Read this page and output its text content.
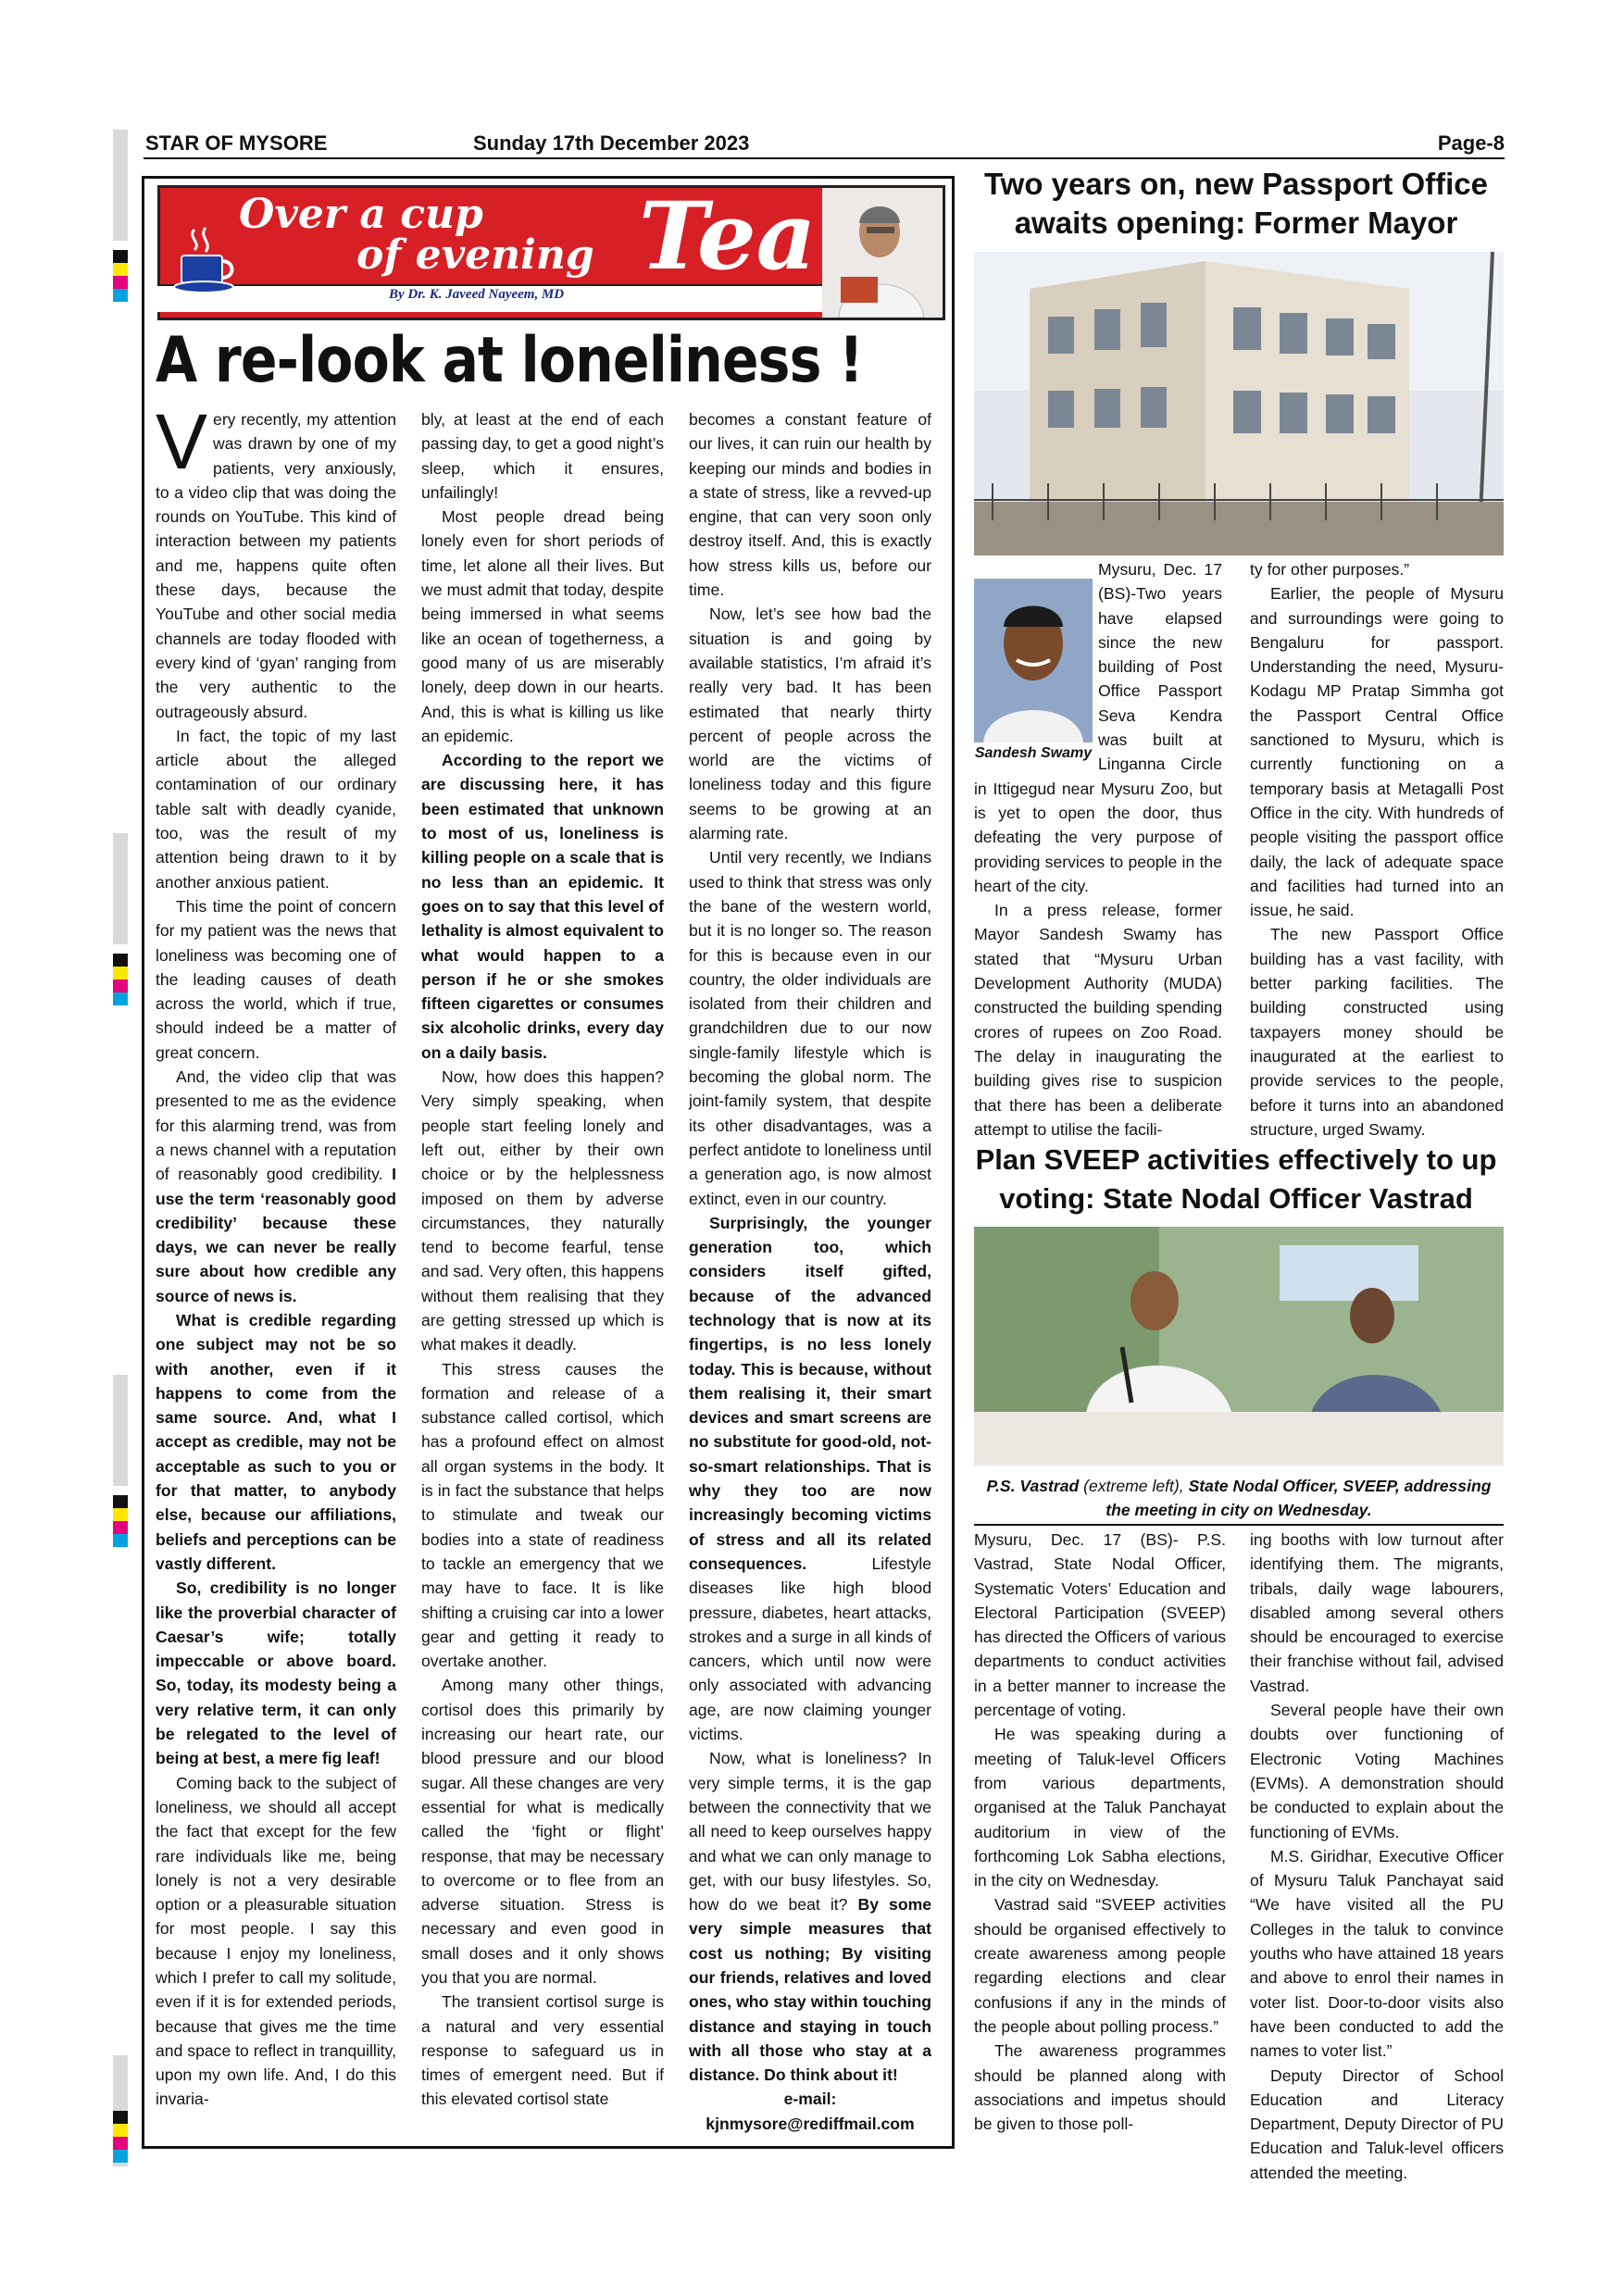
STAR OF MYSORE	Sunday 17th December 2023	Page-8
Over a cup
of evening Tea
By Dr. K. Javeed Nayeem, MD
A re-look at loneliness !

Very recently, my attention was drawn by one of my patients, very anxiously, to a video clip that was doing the rounds on YouTube. This kind of interaction between my patients and me, happens quite often these days, because the YouTube and other social media channels are today flooded with every kind of ‘gyan’ ranging from the very authentic to the outrageously absurd.

In fact, the topic of my last article about the alleged contamination of our ordinary table salt with deadly cyanide, too, was the result of my attention being drawn to it by another anxious patient.

This time the point of concern for my patient was the news that loneliness was becoming one of the leading causes of death across the world, which if true, should indeed be a matter of great concern.

And, the video clip that was presented to me as the evidence for this alarming trend, was from a news channel with a reputation of reasonably good credibility. I use the term ‘reasonably good credibility’ because these days, we can never be really sure about how credible any source of news is.

What is credible regarding one subject may not be so with another, even if it happens to come from the same source. And, what I accept as credible, may not be acceptable as such to you or for that matter, to anybody else, because our affiliations, beliefs and perceptions can be vastly different.

So, credibility is no longer like the proverbial character of Caesar’s wife; totally impeccable or above board. So, today, its modesty being a very relative term, it can only be relegated to the level of being at best, a mere fig leaf!

Coming back to the subject of loneliness, we should all accept the fact that except for the few rare individuals like me, being lonely is not a very desirable option or a pleasurable situation for most people. I say this because I enjoy my loneliness, which I prefer to call my solitude, even if it is for extended periods, because that gives me the time and space to reflect in tranquillity, upon my own life. And, I do this invaria-

bly, at least at the end of each passing day, to get a good night’s sleep, which it ensures, unfailingly!

Most people dread being lonely even for short periods of time, let alone all their lives. But we must admit that today, despite being immersed in what seems like an ocean of togetherness, a good many of us are miserably lonely, deep down in our hearts. And, this is what is killing us like an epidemic.

According to the report we are discussing here, it has been estimated that unknown to most of us, loneliness is killing people on a scale that is no less than an epidemic. It goes on to say that this level of lethality is almost equivalent to what would happen to a person if he or she smokes fifteen cigarettes or consumes six alcoholic drinks, every day on a daily basis.

Now, how does this happen? Very simply speaking, when people start feeling lonely and left out, either by their own choice or by the helplessness imposed on them by adverse circumstances, they naturally tend to become fearful, tense and sad. Very often, this happens without them realising that they are getting stressed up which is what makes it deadly.

This stress causes the formation and release of a substance called cortisol, which has a profound effect on almost all organ systems in the body. It is in fact the substance that helps to stimulate and tweak our bodies into a state of readiness to tackle an emergency that we may have to face. It is like shifting a cruising car into a lower gear and getting it ready to overtake another.

Among many other things, cortisol does this primarily by increasing our heart rate, our blood pressure and our blood sugar. All these changes are very essential for what is medically called the ‘fight or flight’ response, that may be necessary to overcome or to flee from an adverse situation. Stress is necessary and even good in small doses and it only shows you that you are normal.

The transient cortisol surge is a natural and very essential response to safeguard us in times of emergent need. But if this elevated cortisol state

becomes a constant feature of our lives, it can ruin our health by keeping our minds and bodies in a state of stress, like a revved-up engine, that can very soon only destroy itself. And, this is exactly how stress kills us, before our time.

Now, let’s see how bad the situation is and going by available statistics, I’m afraid it’s really very bad. It has been estimated that nearly thirty percent of people across the world are the victims of loneliness today and this figure seems to be growing at an alarming rate.

Until very recently, we Indians used to think that stress was only the bane of the western world, but it is no longer so. The reason for this is because even in our country, the older individuals are isolated from their children and grandchildren due to our now single-family lifestyle which is becoming the global norm. The joint-family system, that despite its other disadvantages, was a perfect antidote to loneliness until a generation ago, is now almost extinct, even in our country.

Surprisingly, the younger generation too, which considers itself gifted, because of the advanced technology that is now at its fingertips, is no less lonely today. This is because, without them realising it, their smart devices and smart screens are no substitute for good-old, not-so-smart relationships. That is why they too are now increasingly becoming victims of stress and all its related consequences.	Lifestyle diseases like high blood pressure, diabetes, heart attacks, strokes and a surge in all kinds of cancers, which until now were only associated with advancing age, are now claiming younger victims.

Now, what is loneliness? In very simple terms, it is the gap between the connectivity that we all need to keep ourselves happy and what we can only manage to get, with our busy lifestyles. So, how do we beat it? By some very simple measures that cost us nothing; By visiting our friends, relatives and loved ones, who stay within touching distance and staying in touch with all those who stay at a distance. Do think about it!

e-mail:

kjnmysore@rediffmail.com

Two years on, new Passport Office awaits opening: Former Mayor
Sandesh Swamy

Mysuru, Dec. 17 (BS)-Two years have elapsed since the new building of Post Office Passport Seva Kendra was built at Linganna Circle in Ittigegud near Mysuru Zoo, but is yet to open the door, thus defeating the very purpose of providing services to people in the heart of the city.

In a press release, former Mayor Sandesh Swamy has stated that “Mysuru Urban Development Authority (MUDA) constructed the building spending crores of rupees on Zoo Road. The delay in inaugurating the building gives rise to suspicion that there has been a deliberate attempt to utilise the facili-

ty for other purposes.”

Earlier, the people of Mysuru and surroundings were going to Bengaluru for passport. Understanding the need, Mysuru-Kodagu MP Pratap Simmha got the Passport Central Office sanctioned to Mysuru, which is currently functioning on a temporary basis at Metagalli Post Office in the city. With hundreds of people visiting the passport office daily, the lack of adequate space and facilities had turned into an issue, he said.

The new Passport Office building has a vast facility, with better parking facilities. The building constructed using taxpayers money should be inaugurated at the earliest to provide services to the people, before it turns into an abandoned structure, urged Swamy.

Plan SVEEP activities effectively to up voting: State Nodal Officer Vastrad
P.S. Vastrad (extreme left), State Nodal Officer, SVEEP, addressing the meeting in city on Wednesday.

Mysuru, Dec. 17 (BS)- P.S. Vastrad, State Nodal Officer, Systematic Voters’ Education and Electoral Participation (SVEEP) has directed the Officers of various departments to conduct activities in a better manner to increase the percentage of voting.

He was speaking during a meeting of Taluk-level Officers from various departments, organised at the Taluk Panchayat auditorium in view of the forthcoming Lok Sabha elections, in the city on Wednesday.

Vastrad said “SVEEP activities should be organised effectively to create awareness among people regarding elections and clear confusions if any in the minds of the people about polling process.”

The awareness programmes should be planned along with associations and impetus should be given to those poll-

ing booths with low turnout after identifying them. The migrants, tribals, daily wage labourers, disabled among several others should be encouraged to exercise their franchise without fail, advised Vastrad.

Several people have their own doubts over functioning of Electronic Voting Machines (EVMs). A demonstration should be conducted to explain about the functioning of EVMs.

M.S. Giridhar, Executive Officer of Mysuru Taluk Panchayat said “We have visited all the PU Colleges in the taluk to convince youths who have attained 18 years and above to enrol their names in voter list. Door-to-door visits also have been conducted to add the names to voter list.”

Deputy Director of School Education and Literacy Department, Deputy Director of PU Education and Taluk-level officers attended the meeting.
